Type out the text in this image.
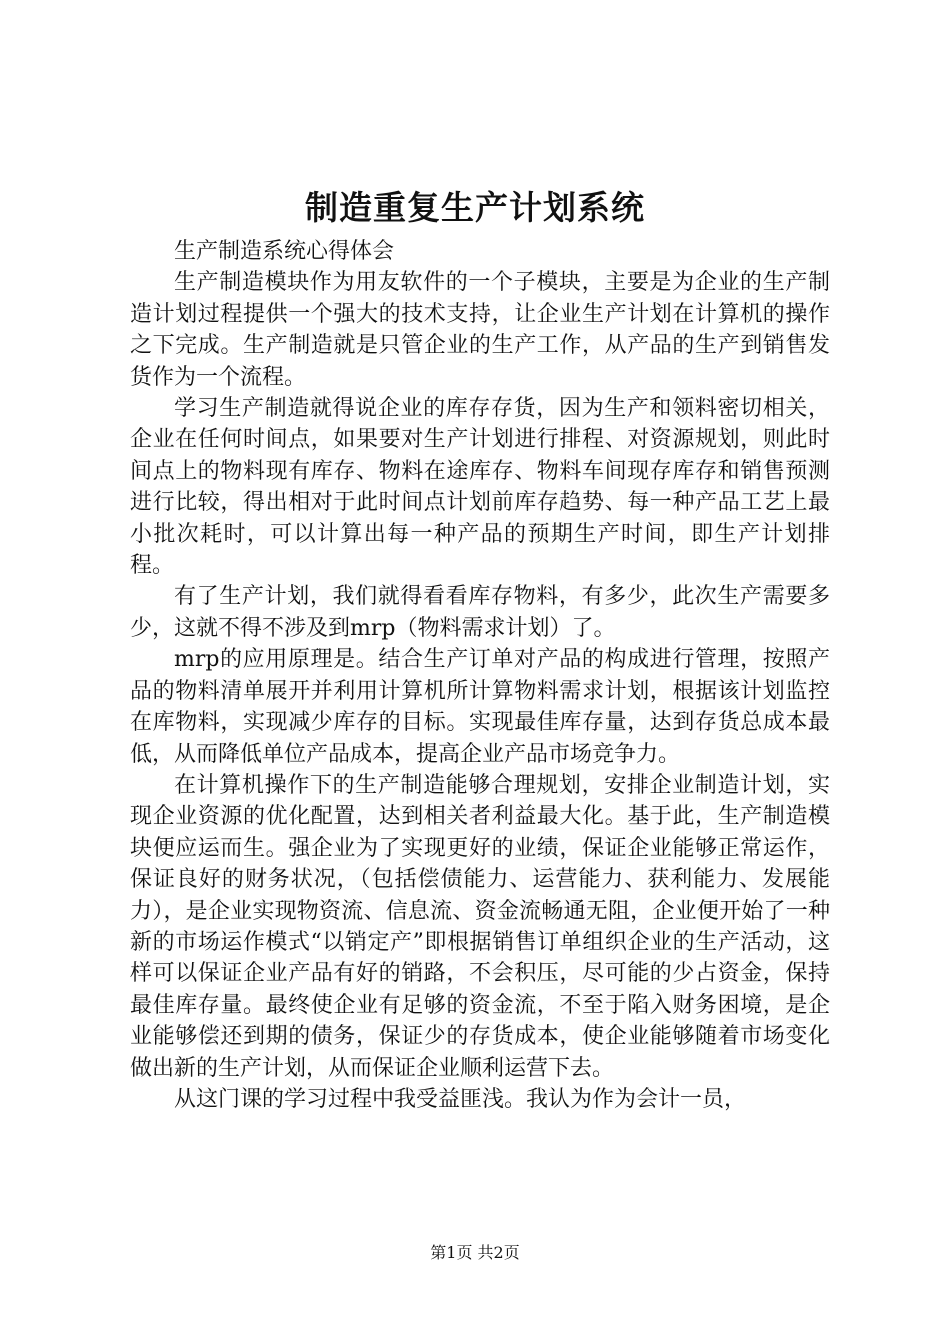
制造重复生产计划系统

生产制造系统心得体会

生产制造模块作为用友软件的一个子模块，主要是为企业的生产制造计划过程提供一个强大的技术支持，让企业生产计划在计算机的操作之下完成。生产制造就是只管企业的生产工作，从产品的生产到销售发货作为一个流程。

学习生产制造就得说企业的库存存货，因为生产和领料密切相关，企业在任何时间点，如果要对生产计划进行排程、对资源规划，则此时间点上的物料现有库存、物料在途库存、物料车间现存库存和销售预测进行比较，得出相对于此时间点计划前库存趋势、每一种产品工艺上最小批次耗时，可以计算出每一种产品的预期生产时间，即生产计划排程。

有了生产计划，我们就得看看库存物料，有多少，此次生产需要多少，这就不得不涉及到mrp（物料需求计划）了。

mrp的应用原理是。结合生产订单对产品的构成进行管理，按照产品的物料清单展开并利用计算机所计算物料需求计划，根据该计划监控在库物料，实现减少库存的目标。实现最佳库存量，达到存货总成本最低，从而降低单位产品成本，提高企业产品市场竞争力。

在计算机操作下的生产制造能够合理规划，安排企业制造计划，实现企业资源的优化配置，达到相关者利益最大化。基于此，生产制造模块便应运而生。强企业为了实现更好的业绩，保证企业能够正常运作，保证良好的财务状况，（包括偿债能力、运营能力、获利能力、发展能力），是企业实现物资流、信息流、资金流畅通无阻，企业便开始了一种新的市场运作模式“以销定产”即根据销售订单组织企业的生产活动，这样可以保证企业产品有好的销路，不会积压，尽可能的少占资金，保持最佳库存量。最终使企业有足够的资金流，不至于陷入财务困境，是企业能够偿还到期的债务，保证少的存货成本，使企业能够随着市场变化做出新的生产计划，从而保证企业顺利运营下去。

从这门课的学习过程中我受益匪浅。我认为作为会计一员，

第1页 共2页
